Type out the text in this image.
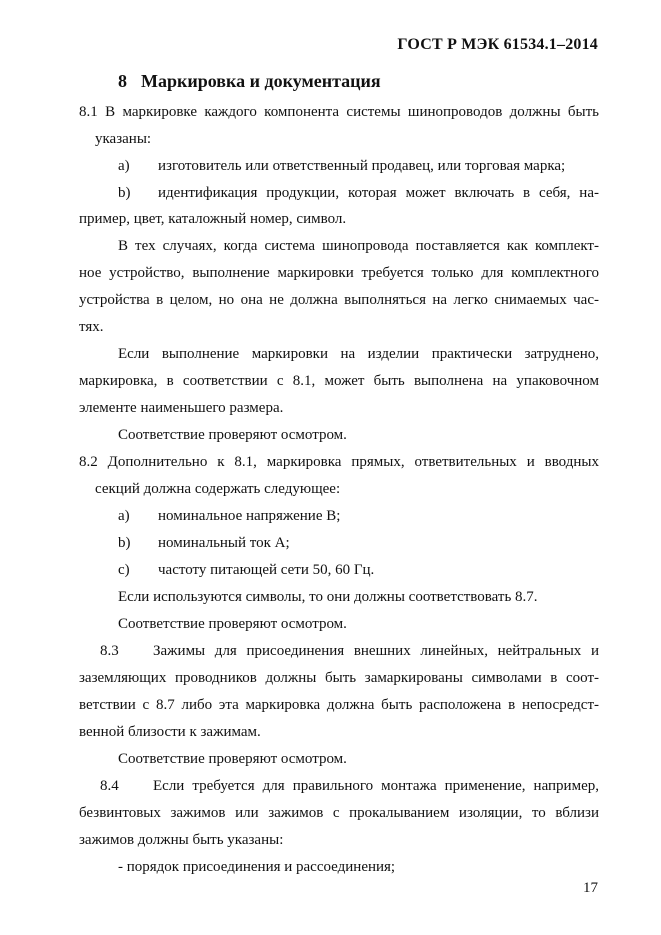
ГОСТ Р МЭК 61534.1–2014
8 Маркировка и документация
8.1 В маркировке каждого компонента системы шинопроводов должны быть
указаны:
а) изготовитель или ответственный продавец, или торговая марка;
b) идентификация продукции, которая может включать в себя, на-
пример, цвет, каталожный номер, символ.
В тех случаях, когда система шинопровода поставляется как комплект-
ное устройство, выполнение маркировки требуется только для комплектного
устройства в целом, но она не должна выполняться на легко снимаемых час-
тях.
Если выполнение маркировки на изделии практически затруднено,
маркировка, в соответствии с 8.1, может быть выполнена на упаковочном
элементе наименьшего размера.
Соответствие проверяют осмотром.
8.2 Дополнительно к 8.1, маркировка прямых, ответвительных и вводных
секций должна содержать следующее:
а) номинальное напряжение В;
b) номинальный ток А;
с) частоту питающей сети 50, 60 Гц.
Если используются символы, то они должны соответствовать 8.7.
Соответствие проверяют осмотром.
8.3 Зажимы для присоединения внешних линейных, нейтральных и
заземляющих проводников должны быть замаркированы символами в соот-
ветствии с 8.7 либо эта маркировка должна быть расположена в непосредст-
венной близости к зажимам.
Соответствие проверяют осмотром.
8.4 Если требуется для правильного монтажа применение, например,
безвинтовых зажимов или зажимов с прокалыванием изоляции, то вблизи
зажимов должны быть указаны:
- порядок присоединения и рассоединения;
17
